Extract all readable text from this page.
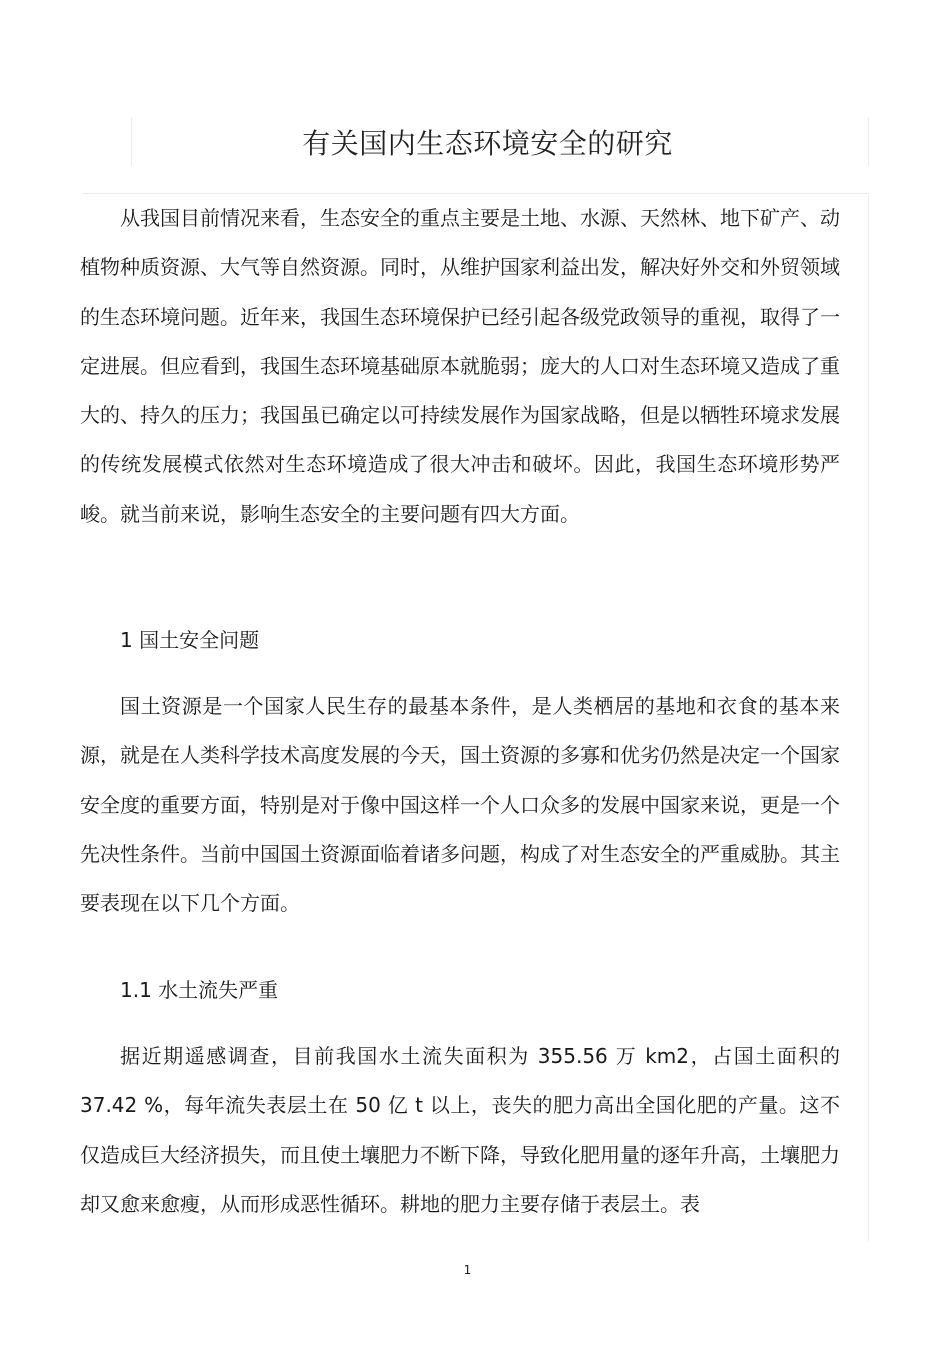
有关国内生态环境安全的研究

从我国目前情况来看，生态安全的重点主要是土地、水源、天然林、地下矿产、动植物种质资源、大气等自然资源。同时，从维护国家利益出发，解决好外交和外贸领域的生态环境问题。近年来，我国生态环境保护已经引起各级党政领导的重视，取得了一定进展。但应看到，我国生态环境基础原本就脆弱；庞大的人口对生态环境又造成了重大的、持久的压力；我国虽已确定以可持续发展作为国家战略，但是以牺牲环境求发展的传统发展模式依然对生态环境造成了很大冲击和破坏。因此，我国生态环境形势严峻。就当前来说，影响生态安全的主要问题有四大方面。

1 国土安全问题

国土资源是一个国家人民生存的最基本条件，是人类栖居的基地和衣食的基本来源，就是在人类科学技术高度发展的今天，国土资源的多寡和优劣仍然是决定一个国家安全度的重要方面，特别是对于像中国这样一个人口众多的发展中国家来说，更是一个先决性条件。当前中国国土资源面临着诸多问题，构成了对生态安全的严重威胁。其主要表现在以下几个方面。

1.1 水土流失严重

据近期遥感调查，目前我国水土流失面积为 355.56 万 km2，占国土面积的 37.42 %，每年流失表层土在 50 亿 t 以上，丧失的肥力高出全国化肥的产量。这不仅造成巨大经济损失，而且使土壤肥力不断下降，导致化肥用量的逐年升高，土壤肥力却又愈来愈瘦，从而形成恶性循环。耕地的肥力主要存储于表层土。表

1
